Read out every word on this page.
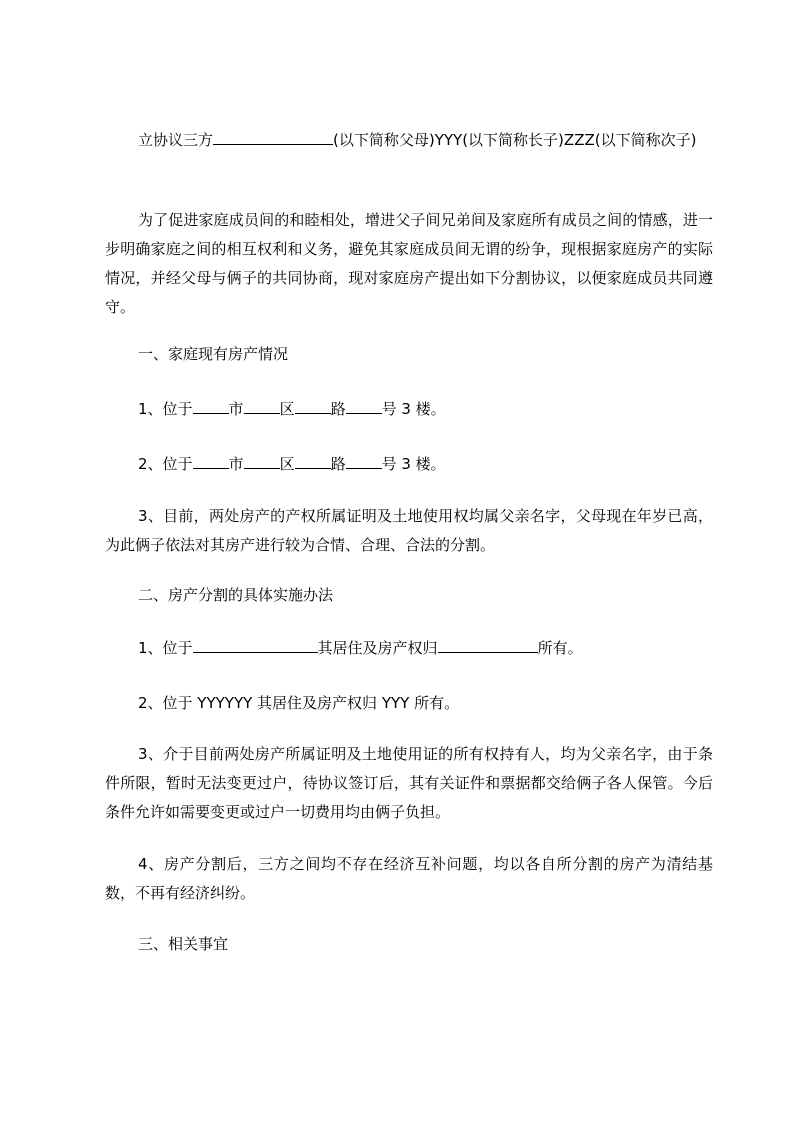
立协议三方	(以下简称父母)YYY(以下简称长子)ZZZ(以下简称次子)

为了促进家庭成员间的和睦相处，增进父子间兄弟间及家庭所有成员之间的情感，进一步明确家庭之间的相互权利和义务，避免其家庭成员间无谓的纷争，现根据家庭房产的实际情况，并经父母与俩子的共同协商，现对家庭房产提出如下分割协议，以便家庭成员共同遵守。

一、家庭现有房产情况

1、位于 市 区 路 号 3 楼。

2、位于 市 区 路 号 3 楼。

3、目前，两处房产的产权所属证明及土地使用权均属父亲名字，父母现在年岁已高，为此俩子依法对其房产进行较为合情、合理、合法的分割。

二、房产分割的具体实施办法

1、位于	其居住及房产权归	所有。

2、位于 YYYYYY 其居住及房产权归 YYY 所有。

3、介于目前两处房产所属证明及土地使用证的所有权持有人，均为父亲名字，由于条件所限，暂时无法变更过户，待协议签订后，其有关证件和票据都交给俩子各人保管。今后条件允许如需要变更或过户一切费用均由俩子负担。

4、房产分割后，三方之间均不存在经济互补问题，均以各自所分割的房产为清结基数，不再有经济纠纷。

三、相关事宜
